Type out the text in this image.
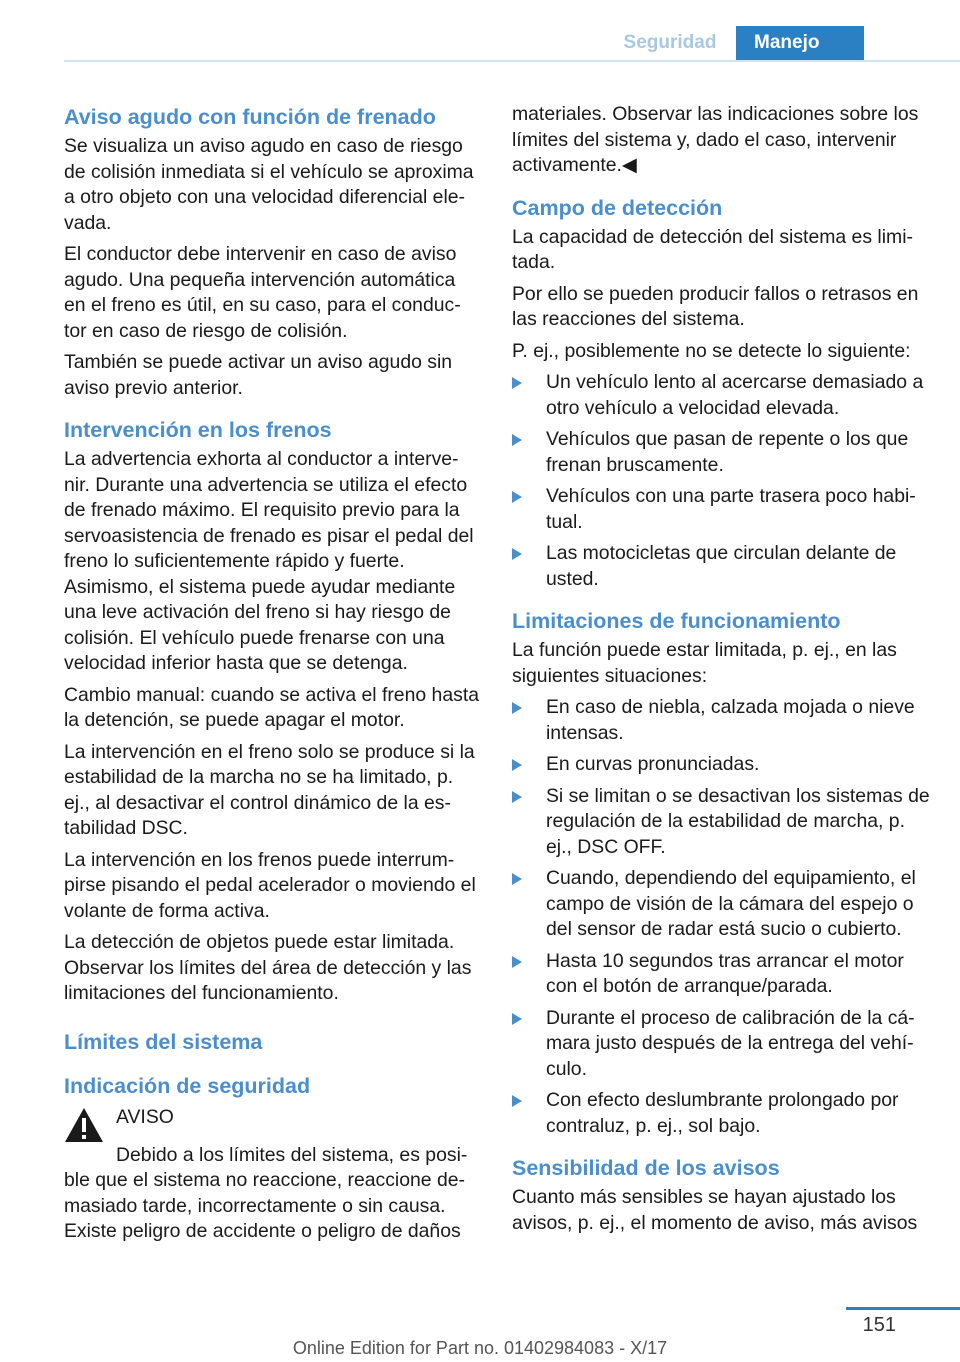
Seguridad	Manejo
Aviso agudo con función de frenado

Se visualiza un aviso agudo en caso de riesgo de colisión inmediata si el vehículo se aproxima a otro objeto con una velocidad diferencial ele-vada.

El conductor debe intervenir en caso de aviso agudo. Una pequeña intervención automática en el freno es útil, en su caso, para el conduc-tor en caso de riesgo de colisión.

También se puede activar un aviso agudo sin aviso previo anterior.

Intervención en los frenos

La advertencia exhorta al conductor a interve-nir. Durante una advertencia se utiliza el efecto de frenado máximo. El requisito previo para la servoasistencia de frenado es pisar el pedal del freno lo suficientemente rápido y fuerte. Asimismo, el sistema puede ayudar mediante una leve activación del freno si hay riesgo de colisión. El vehículo puede frenarse con una velocidad inferior hasta que se detenga.

Cambio manual: cuando se activa el freno hasta la detención, se puede apagar el motor.

La intervención en el freno solo se produce si la estabilidad de la marcha no se ha limitado, p. ej., al desactivar el control dinámico de la es-tabilidad DSC.

La intervención en los frenos puede interrum-pirse pisando el pedal acelerador o moviendo el volante de forma activa.

La detección de objetos puede estar limitada. Observar los límites del área de detección y las limitaciones del funcionamiento.

Límites del sistema
Indicación de seguridad
AVISO

Debido a los límites del sistema, es posi-ble que el sistema no reaccione, reaccione de-masiado tarde, incorrectamente o sin causa. Existe peligro de accidente o peligro de daños

materiales. Observar las indicaciones sobre los límites del sistema y, dado el caso, intervenir activamente.◀

Campo de detección

La capacidad de detección del sistema es limi-tada.

Por ello se pueden producir fallos o retrasos en las reacciones del sistema.

P. ej., posiblemente no se detecte lo siguiente:

Un vehículo lento al acercarse demasiado a otro vehículo a velocidad elevada.
Vehículos que pasan de repente o los que frenan bruscamente.
Vehículos con una parte trasera poco habi-tual.
Las motocicletas que circulan delante de usted.
Limitaciones de funcionamiento

La función puede estar limitada, p. ej., en las siguientes situaciones:

En caso de niebla, calzada mojada o nieve intensas.
En curvas pronunciadas.
Si se limitan o se desactivan los sistemas de regulación de la estabilidad de marcha, p. ej., DSC OFF.
Cuando, dependiendo del equipamiento, el campo de visión de la cámara del espejo o del sensor de radar está sucio o cubierto.
Hasta 10 segundos tras arrancar el motor con el botón de arranque/parada.
Durante el proceso de calibración de la cá-mara justo después de la entrega del vehí-culo.
Con efecto deslumbrante prolongado por contraluz, p. ej., sol bajo.
Sensibilidad de los avisos

Cuanto más sensibles se hayan ajustado los avisos, p. ej., el momento de aviso, más avisos

151
Online Edition for Part no. 01402984083 - X/17
